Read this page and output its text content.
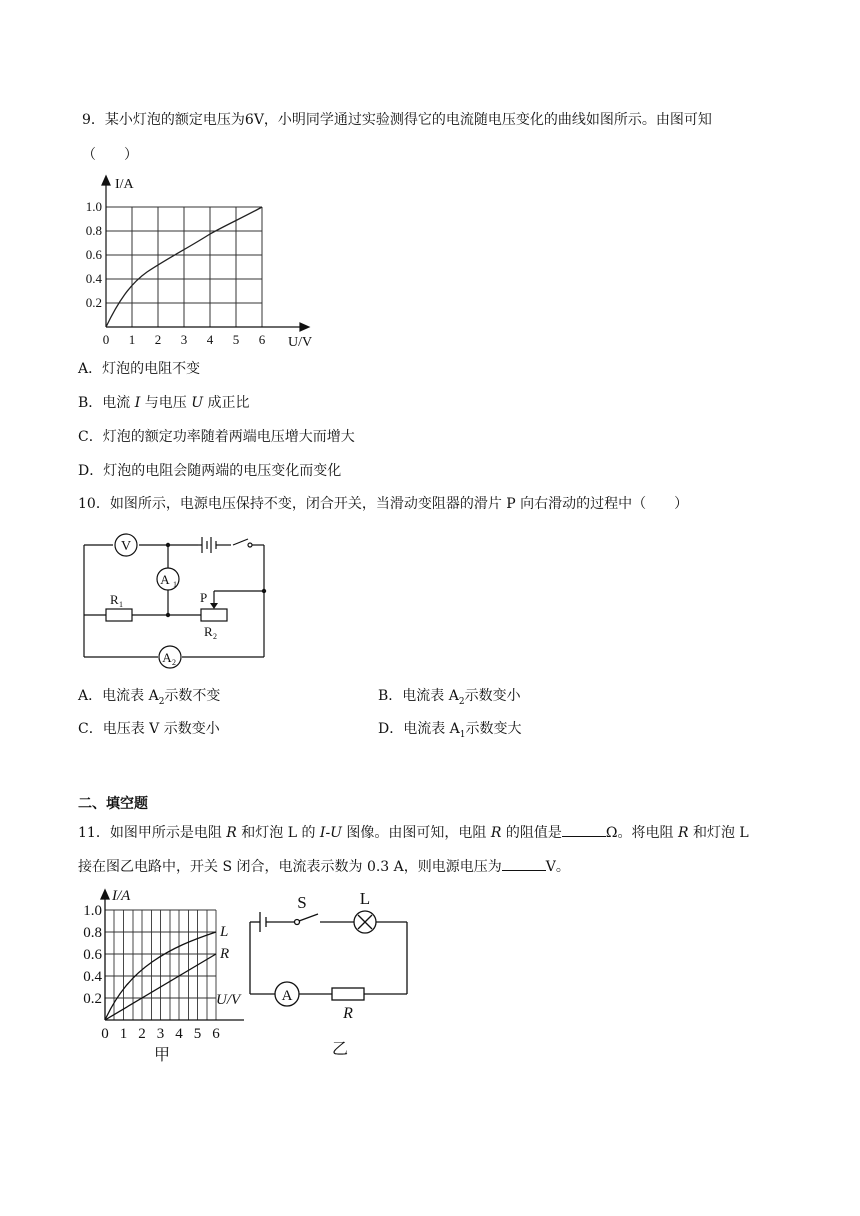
9．某小灯泡的额定电压为6V，小明同学通过实验测得它的电流随电压变化的曲线如图所示。由图可知
（　　）
I/A
U/V
1.0
0.8
0.6
0.4
0.2
0 1 2 3 4 5 6
A．灯泡的电阻不变
B．电流 I 与电压 U 成正比
C．灯泡的额定功率随着两端电压增大而增大
D．灯泡的电阻会随两端的电压变化而变化
10．如图所示，电源电压保持不变，闭合开关，当滑动变阻器的滑片 P 向右滑动的过程中（　　）
V
A 1
A 2
R 1
R 2
P
A．电流表 $A_2$示数不变	B．电流表 $A_2$示数变小
C．电压表 V 示数变小	D．电流表 $A_1$示数变大
二、填空题
11．如图甲所示是电阻 R 和灯泡 L 的 I-U 图像。由图可知，电阻 R 的阻值是	Ω。将电阻 R 和灯泡 L
接在图乙电路中，开关 S 闭合，电流表示数为 0.3 A，则电源电压为	V。
I/A
U/V
L
R
1.0
0.8
0.6
0.4
0.2
0 1 2 3 4 5 6
甲
A
S	L
R
乙
